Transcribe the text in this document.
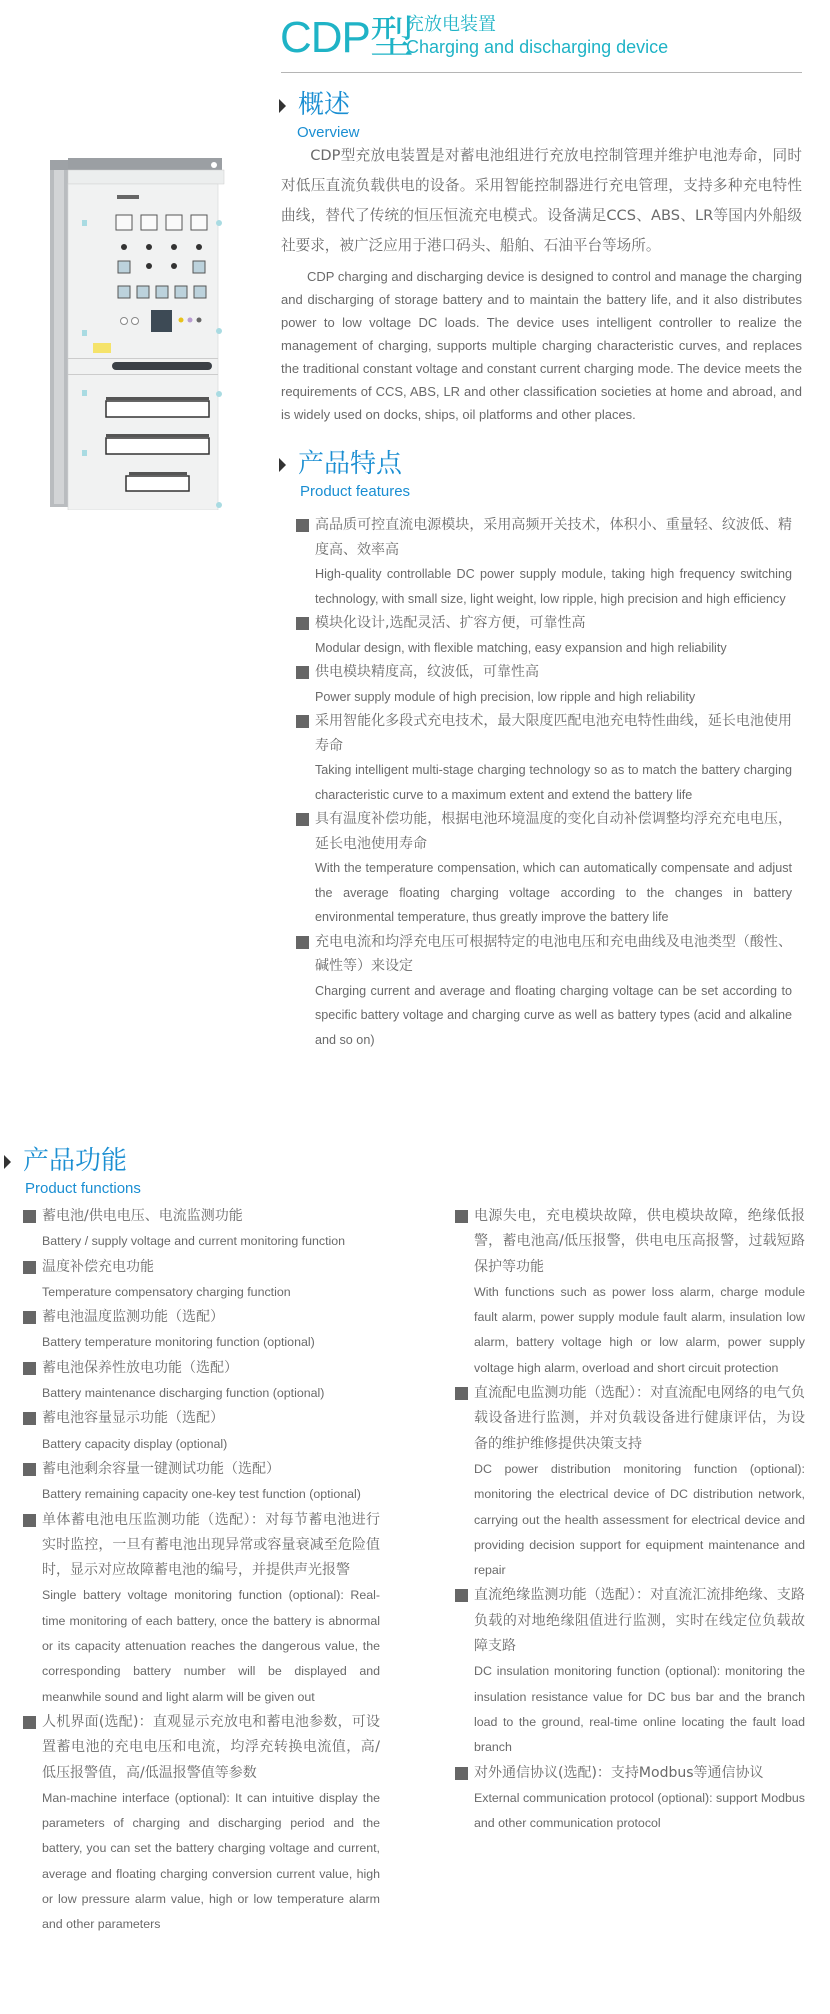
CDP型
充放电装置
Charging and discharging device
概述
Overview

CDP型充放电装置是对蓄电池组进行充放电控制管理并维护电池寿命，同时对低压直流负载供电的设备。采用智能控制器进行充电管理，支持多种充电特性曲线，替代了传统的恒压恒流充电模式。设备满足CCS、ABS、LR等国内外船级社要求，被广泛应用于港口码头、船舶、石油平台等场所。

CDP charging and discharging device is designed to control and manage the charging and discharging of storage battery and to maintain the battery life, and it also distributes power to low voltage DC loads. The device uses intelligent controller to realize the management of charging, supports multiple charging characteristic curves, and replaces the traditional constant voltage and constant current charging mode. The device meets the requirements of CCS, ABS, LR and other classification societies at home and abroad, and is widely used on docks, ships, oil platforms and other places.

产品特点
Product features
高品质可控直流电源模块，采用高频开关技术，体积小、重量轻、纹波低、精度高、效率高
High-quality controllable DC power supply module, taking high frequency switching technology, with small size, light weight, low ripple, high precision and high efficiency
模块化设计,选配灵活、扩容方便，可靠性高
Modular design, with flexible matching, easy expansion and high reliability
供电模块精度高，纹波低，可靠性高
Power supply module of high precision, low ripple and high reliability
采用智能化多段式充电技术，最大限度匹配电池充电特性曲线，延长电池使用寿命
Taking intelligent multi-stage charging technology so as to match the battery charging characteristic curve to a maximum extent and extend the battery life
具有温度补偿功能，根据电池环境温度的变化自动补偿调整均浮充充电电压，延长电池使用寿命
With the temperature compensation, which can automatically compensate and adjust the average floating charging voltage according to the changes in battery environmental temperature, thus greatly improve the battery life
充电电流和均浮充电压可根据特定的电池电压和充电曲线及电池类型（酸性、碱性等）来设定
Charging current and average and floating charging voltage can be set according to specific battery voltage and charging curve as well as battery types (acid and alkaline and so on)
产品功能
Product functions
蓄电池/供电电压、电流监测功能
Battery / supply voltage and current monitoring function
温度补偿充电功能
Temperature compensatory charging function
蓄电池温度监测功能（选配）
Battery temperature monitoring function (optional)
蓄电池保养性放电功能（选配）
Battery maintenance discharging function (optional)
蓄电池容量显示功能（选配）
Battery capacity display (optional)
蓄电池剩余容量一键测试功能（选配）
Battery remaining capacity one-key test function (optional)
单体蓄电池电压监测功能（选配）：对每节蓄电池进行实时监控，一旦有蓄电池出现异常或容量衰减至危险值时，显示对应故障蓄电池的编号，并提供声光报警
Single battery voltage monitoring function (optional): Real-time monitoring of each battery, once the battery is abnormal or its capacity attenuation reaches the dangerous value, the corresponding battery number will be displayed and meanwhile sound and light alarm will be given out
人机界面(选配)：直观显示充放电和蓄电池参数，可设置蓄电池的充电电压和电流，均浮充转换电流值，高/低压报警值，高/低温报警值等参数
Man-machine interface (optional): It can intuitive display the parameters of charging and discharging period and the battery, you can set the battery charging voltage and current, average and floating charging conversion current value, high or low pressure alarm value, high or low temperature alarm and other parameters
电源失电，充电模块故障，供电模块故障，绝缘低报警，蓄电池高/低压报警，供电电压高报警，过载短路保护等功能
With functions such as power loss alarm, charge module fault alarm, power supply module fault alarm, insulation low alarm, battery voltage high or low alarm, power supply voltage high alarm, overload and short circuit protection
直流配电监测功能（选配）：对直流配电网络的电气负载设备进行监测，并对负载设备进行健康评估，为设备的维护维修提供决策支持
DC power distribution monitoring function (optional): monitoring the electrical device of DC distribution network, carrying out the health assessment for electrical device and providing decision support for equipment maintenance and repair
直流绝缘监测功能（选配）：对直流汇流排绝缘、支路负载的对地绝缘阻值进行监测，实时在线定位负载故障支路
DC insulation monitoring function (optional): monitoring the insulation resistance value for DC bus bar and the branch load to the ground, real-time online locating the fault load branch
对外通信协议(选配)：支持Modbus等通信协议
External communication protocol (optional): support Modbus and other communication protocol
